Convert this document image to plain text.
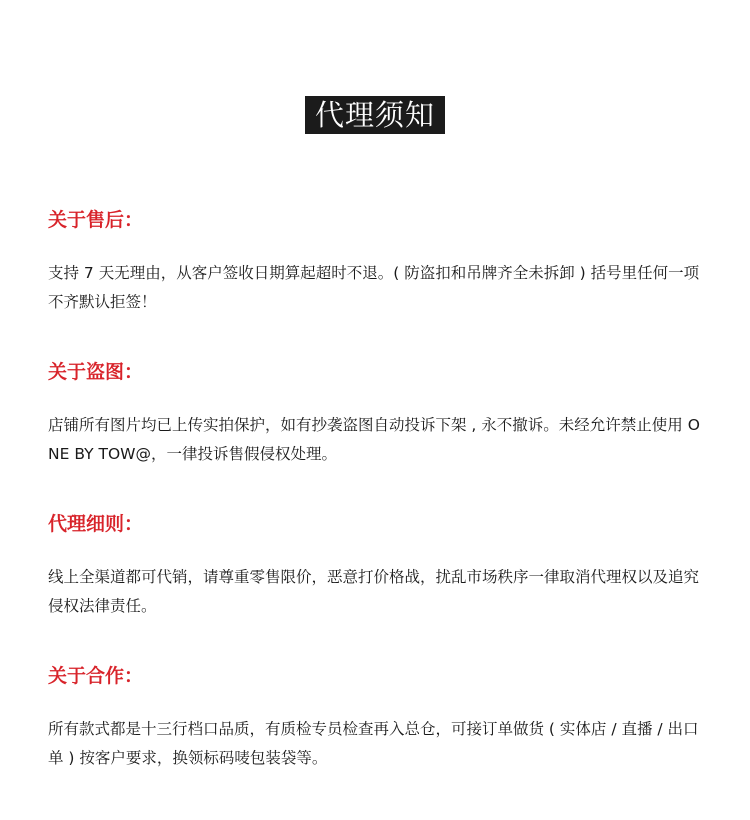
代理须知
关于售后：

支持 7 天无理由，从客户签收日期算起超时不退。( 防盗扣和吊牌齐全未拆卸 ) 括号里任何一项不齐默认拒签！

关于盗图：

店铺所有图片均已上传实拍保护，如有抄袭盗图自动投诉下架 , 永不撤诉。未经允许禁止使用 ONE BY TOW@，一律投诉售假侵权处理。

代理细则：

线上全渠道都可代销，请尊重零售限价，恶意打价格战，扰乱市场秩序一律取消代理权以及追究侵权法律责任。

关于合作：

所有款式都是十三行档口品质，有质检专员检查再入总仓，可接订单做货 ( 实体店 / 直播 / 出口单 ) 按客户要求，换领标码唛包装袋等。
